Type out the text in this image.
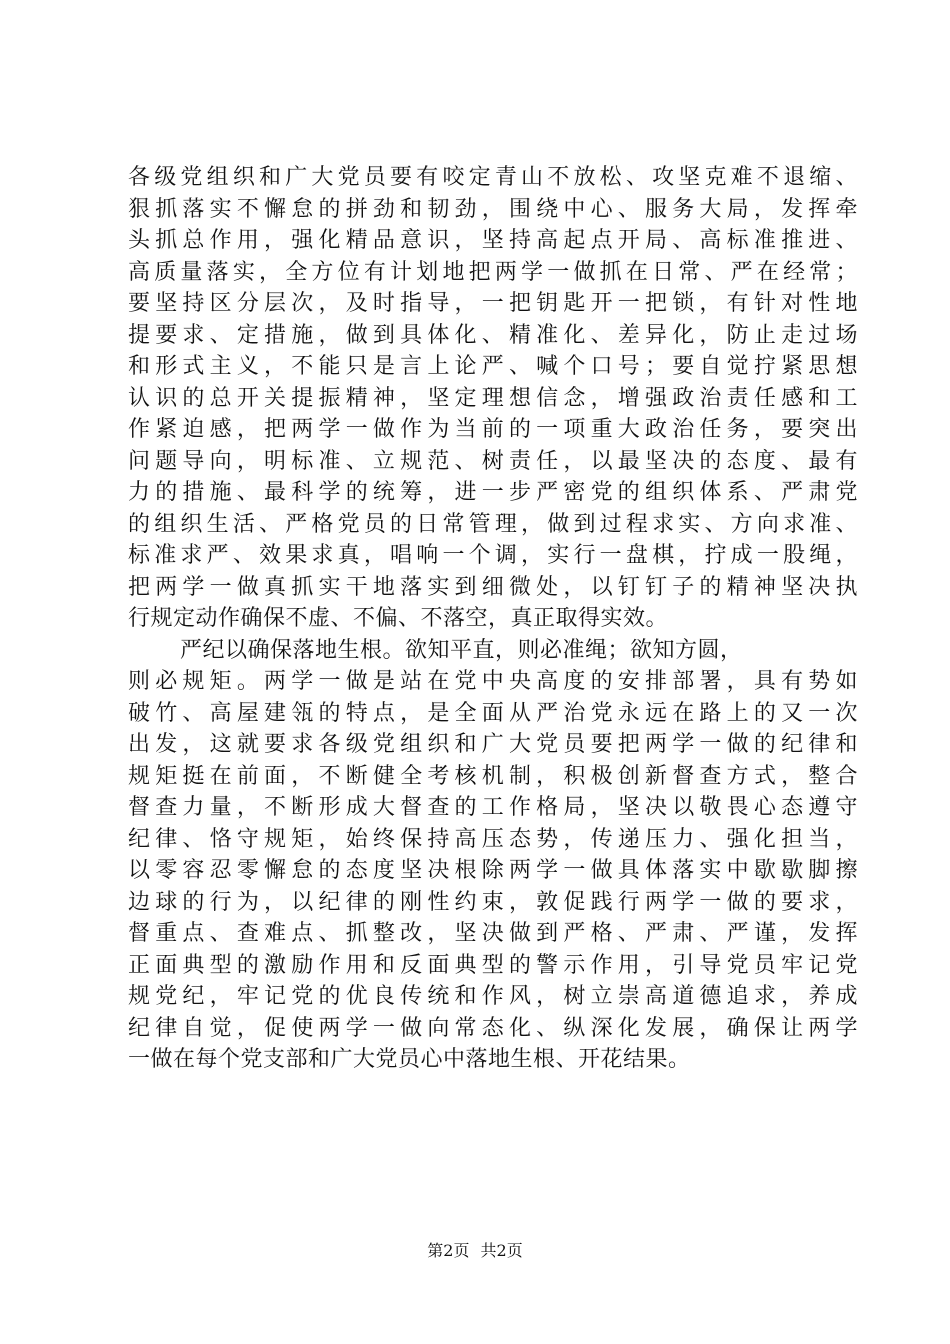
各级党组织和广大党员要有咬定青山不放松、攻坚克难不退缩、
狠抓落实不懈怠的拼劲和韧劲，围绕中心、服务大局，发挥牵
头抓总作用，强化精品意识，坚持高起点开局、高标准推进、
高质量落实，全方位有计划地把两学一做抓在日常、严在经常；
要坚持区分层次，及时指导，一把钥匙开一把锁，有针对性地
提要求、定措施，做到具体化、精准化、差异化，防止走过场
和形式主义，不能只是言上论严、喊个口号；要自觉拧紧思想
认识的总开关提振精神，坚定理想信念，增强政治责任感和工
作紧迫感，把两学一做作为当前的一项重大政治任务，要突出
问题导向，明标准、立规范、树责任，以最坚决的态度、最有
力的措施、最科学的统筹，进一步严密党的组织体系、严肃党
的组织生活、严格党员的日常管理，做到过程求实、方向求准、
标准求严、效果求真，唱响一个调，实行一盘棋，拧成一股绳，
把两学一做真抓实干地落实到细微处，以钉钉子的精神坚决执
行规定动作确保不虚、不偏、不落空，真正取得实效。
严纪以确保落地生根。欲知平直，则必准绳；欲知方圆，
则必规矩。两学一做是站在党中央高度的安排部署，具有势如
破竹、高屋建瓴的特点，是全面从严治党永远在路上的又一次
出发，这就要求各级党组织和广大党员要把两学一做的纪律和
规矩挺在前面，不断健全考核机制，积极创新督查方式，整合
督查力量，不断形成大督查的工作格局，坚决以敬畏心态遵守
纪律、恪守规矩，始终保持高压态势，传递压力、强化担当，
以零容忍零懈怠的态度坚决根除两学一做具体落实中歇歇脚擦
边球的行为，以纪律的刚性约束，敦促践行两学一做的要求，
督重点、查难点、抓整改，坚决做到严格、严肃、严谨，发挥
正面典型的激励作用和反面典型的警示作用，引导党员牢记党
规党纪，牢记党的优良传统和作风，树立崇高道德追求，养成
纪律自觉，促使两学一做向常态化、纵深化发展，确保让两学
一做在每个党支部和广大党员心中落地生根、开花结果。
第2页 共2页
